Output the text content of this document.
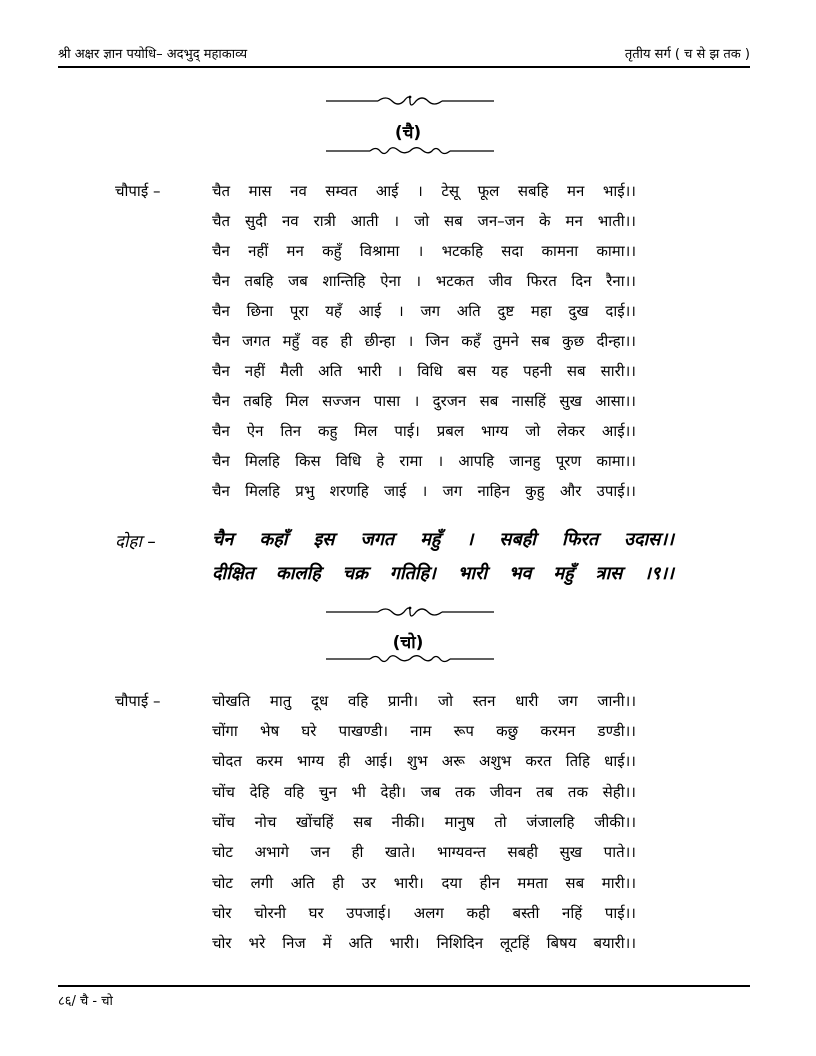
श्री अक्षर ज्ञान पयोधि– अदभुद् महाकाव्य	तृतीय सर्ग ( च से झ तक )
(चै)
चौपाई –	चैत मास नव सम्वत आई । टेसू फूल सबहि मन भाई।।
चैत सुदी नव रात्री आती । जो सब जन–जन के मन भाती।।
चैन नहीं मन कहुँ विश्रामा । भटकहि सदा कामना कामा।।
चैन तबहि जब शान्तिहि ऐना । भटकत जीव फिरत दिन रैना।।
चैन छिना पूरा यहँ आई । जग अति दुष्ट महा दुख दाई।।
चैन जगत महुँ वह ही छीन्हा । जिन कहँ तुमने सब कुछ दीन्हा।।
चैन नहीं मैली अति भारी । विधि बस यह पहनी सब सारी।।
चैन तबहि मिल सज्जन पासा । दुरजन सब नासहिं सुख आसा।।
चैन ऐन तिन कहु मिल पाई। प्रबल भाग्य जो लेकर आई।।
चैन मिलहि किस विधि हे रामा । आपहि जानहु पूरण कामा।।
चैन मिलहि प्रभु शरणहि जाई । जग नाहिन कुहु और उपाई।।
दोहा –	चैन कहाँ इस जगत महुँ । सबही फिरत उदास।।
दीक्षित कालहि चक्र गतिहि। भारी भव महुँ त्रास ।९।।
(चो)
चौपाई –	चोखति मातु दूध वहि प्रानी। जो स्तन धारी जग जानी।।
चोंगा भेष घरे पाखण्डी। नाम रूप कछु करमन डण्डी।।
चोदत करम भाग्य ही आई। शुभ अरू अशुभ करत तिहि धाई।।
चोंच देहि वहि चुन भी देही। जब तक जीवन तब तक सेही।।
चोंच नोच खोंचहिं सब नीकी। मानुष तो जंजालहि जीकी।।
चोट अभागे जन ही खाते। भाग्यवन्त सबही सुख पाते।।
चोट लगी अति ही उर भारी। दया हीन ममता सब मारी।।
चोर चोरनी घर उपजाई। अलग कही बस्ती नहिं पाई।।
चोर भरे निज में अति भारी। निशिदिन लूटहिं बिषय बयारी।।
८६/ चै - चो
